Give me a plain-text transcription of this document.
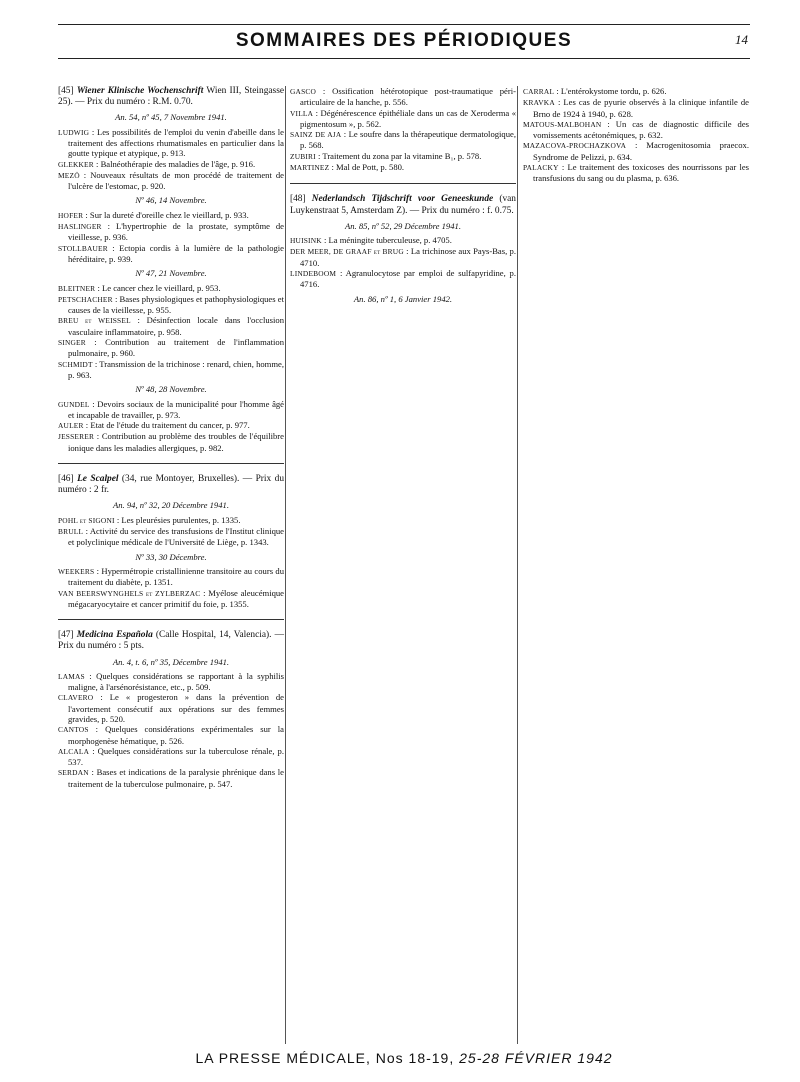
SOMMAIRES DES PÉRIODIQUES	14

[45] Wiener Klinische Wochenschrift Wien III, Steingasse 25). — Prix du numéro : R.M. 0.70.

An. 54, nº 45, 7 Novembre 1941.

LUDWIG : Les possibilités de l'emploi du venin d'abeille dans le traitement des affections rhumatismales en particulier dans la goutte typique et atypique, p. 913.

GLEKKER : Balnéothérapie des maladies de l'âge, p. 916.

MEZÖ : Nouveaux résultats de mon procédé de traitement de l'ulcère de l'estomac, p. 920.

Nº 46, 14 Novembre.

HOFER : Sur la dureté d'oreille chez le vieillard, p. 933.

HASLINGER : L'hypertrophie de la prostate, symptôme de vieillesse, p. 936.

STOLLBAUER : Ectopia cordis à la lumière de la pathologie héréditaire, p. 939.

Nº 47, 21 Novembre.

BLEITNER : Le cancer chez le vieillard, p. 953.

PETSCHACHER : Bases physiologiques et pathophysiologiques et causes de la vieillesse, p. 955.

BREU et WEISSEL : Désinfection locale dans l'occlusion vasculaire inflammatoire, p. 958.

SINGER : Contribution au traitement de l'inflammation pulmonaire, p. 960.

SCHMIDT : Transmission de la trichinose : renard, chien, homme, p. 963.

Nº 48, 28 Novembre.

GUNDEL : Devoirs sociaux de la municipalité pour l'homme âgé et incapable de travailler, p. 973.

AULER : Etat de l'étude du traitement du cancer, p. 977.

JESSERER : Contribution au problème des troubles de l'équilibre ionique dans les maladies allergiques, p. 982.

[46] Le Scalpel (34, rue Montoyer, Bruxelles). — Prix du numéro : 2 fr.

An. 94, nº 32, 20 Décembre 1941.

POHL et SIGONI : Les pleurésies purulentes, p. 1335.

BRULL : Activité du service des transfusions de l'Institut clinique et polyclinique médicale de l'Université de Liège, p. 1343.

Nº 33, 30 Décembre.

WEEKERS : Hypermétropie cristallinienne transitoire au cours du traitement du diabète, p. 1351.

VAN BEERSWYNGHELS et ZYLBERZAC : Myélose aleucémique mégacaryocytaire et cancer primitif du foie, p. 1355.

[47] Medicina Española (Calle Hospital, 14, Valencia). — Prix du numéro : 5 pts.

An. 4, t. 6, nº 35, Décembre 1941.

LAMAS : Quelques considérations se rapportant à la syphilis maligne, à l'arsénorésistance, etc., p. 509.

CLAVERO : Le « progesteron » dans la prévention de l'avortement consécutif aux opérations sur des femmes gravides, p. 520.

CANTOS : Quelques considérations expérimentales sur la morphogenèse hématique, p. 526.

ALCALA : Quelques considérations sur la tuberculose rénale, p. 537.

SERDAN : Bases et indications de la paralysie phrénique dans le traitement de la tuberculose pulmonaire, p. 547.

GASCO : Ossification hétérotopique post-traumatique péri-articulaire de la hanche, p. 556.

VILLA : Dégénérescence épithéliale dans un cas de Xeroderma « pigmentosum », p. 562.

SAINZ DE AJA : Le soufre dans la thérapeutique dermatologique, p. 568.

ZUBIRI : Traitement du zona par la vitamine B₁, p. 578.

MARTINEZ : Mal de Pott, p. 580.

[48] Nederlandsch Tijdschrift voor Geneeskunde (van Luykenstraat 5, Amsterdam Z). — Prix du numéro : f. 0.75.

An. 85, nº 52, 29 Décembre 1941.

HUISINK : La méningite tuberculeuse, p. 4705.

DER MEER, DE GRAAF et BRUG : La trichinose aux Pays-Bas, p. 4710.

LINDEBOOM : Agranulocytose par emploi de sulfapyridine, p. 4716.

An. 86, nº 1, 6 Janvier 1942.

CARRAL : L'entérokystome tordu, p. 626.

KRAVKA : Les cas de pyurie observés à la clinique infantile de Brno de 1924 à 1940, p. 628.

MATOUS-MALBOHAN : Un cas de diagnostic difficile des vomissements acétonémiques, p. 632.

MAZACOVA-PROCHAZKOVA : Macrogenitosomia praecox. Syndrome de Pelizzi, p. 634.

PALACKY : Le traitement des toxicoses des nourrissons par les transfusions du sang ou du plasma, p. 636.

LA PRESSE MÉDICALE, Nos 18-19, 25-28 FÉVRIER 1942
